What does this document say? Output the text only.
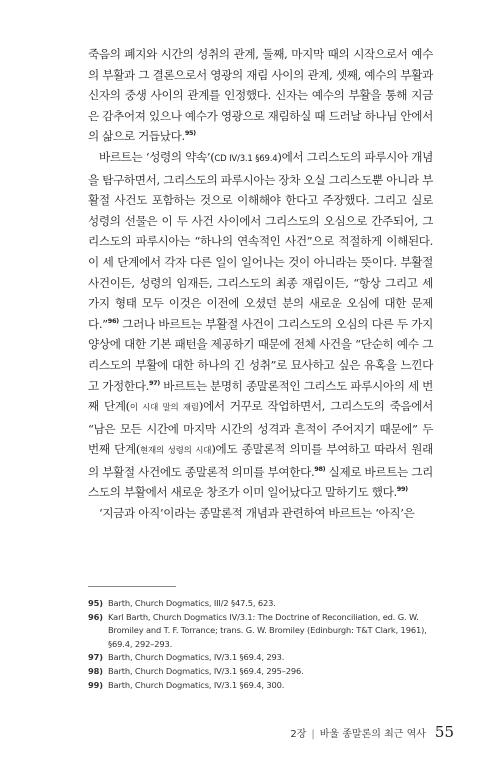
죽음의 폐지와 시간의 성취의 관계, 둘째, 마지막 때의 시작으로서 예수의 부활과 그 결론으로서 영광의 재림 사이의 관계, 셋째, 예수의 부활과 신자의 중생 사이의 관계를 인정했다. 신자는 예수의 부활을 통해 지금은 감추어져 있으나 예수가 영광으로 재림하실 때 드러날 하나님 안에서의 삶으로 거듭났다.$^{95)}$

바르트는 ‘성령의 약속’(CD IV/3.1 §69.4)에서 그리스도의 파루시아 개념을 탐구하면서, 그리스도의 파루시아는 장차 오실 그리스도뿐 아니라 부활절 사건도 포함하는 것으로 이해해야 한다고 주장했다. 그리고 실로 성령의 선물은 이 두 사건 사이에서 그리스도의 오심으로 간주되어, 그리스도의 파루시아는 “하나의 연속적인 사건”으로 적절하게 이해된다. 이 세 단계에서 각자 다른 일이 일어나는 것이 아니라는 뜻이다. 부활절 사건이든, 성령의 임재든, 그리스도의 최종 재림이든, “항상 그리고 세 가지 형태 모두 이것은 이전에 오셨던 분의 새로운 오심에 대한 문제다.”$^{96)}$ 그러나 바르트는 부활절 사건이 그리스도의 오심의 다른 두 가지 양상에 대한 기본 패턴을 제공하기 때문에 전체 사건을 “단순히 예수 그리스도의 부활에 대한 하나의 긴 성취”로 묘사하고 싶은 유혹을 느낀다고 가정한다.$^{97)}$ 바르트는 분명히 종말론적인 그리스도 파루시아의 세 번째 단계(이 시대 말의 재림)에서 거꾸로 작업하면서, 그리스도의 죽음에서 “남은 모든 시간에 마지막 시간의 성격과 흔적이 주어지기 때문에” 두 번째 단계(현재의 성령의 시대)에도 종말론적 의미를 부여하고 따라서 원래의 부활절 사건에도 종말론적 의미를 부여한다.$^{98)}$ 실제로 바르트는 그리스도의 부활에서 새로운 창조가 이미 일어났다고 말하기도 했다.$^{99)}$

‘지금과 아직’이라는 종말론적 개념과 관련하여 바르트는 ‘아직’은

95) Barth, Church Dogmatics, III/2 §47.5, 623.
96) Karl Barth, Church Dogmatics IV/3.1: The Doctrine of Reconciliation, ed. G. W. Bromiley and T. F. Torrance; trans. G. W. Bromiley (Edinburgh: T&T Clark, 1961), §69.4, 292–293.
97) Barth, Church Dogmatics, IV/3.1 §69.4, 293.
98) Barth, Church Dogmatics, IV/3.1 §69.4, 295–296.
99) Barth, Church Dogmatics, IV/3.1 §69.4, 300.
2장 | 바울 종말론의 최근 역사 55
